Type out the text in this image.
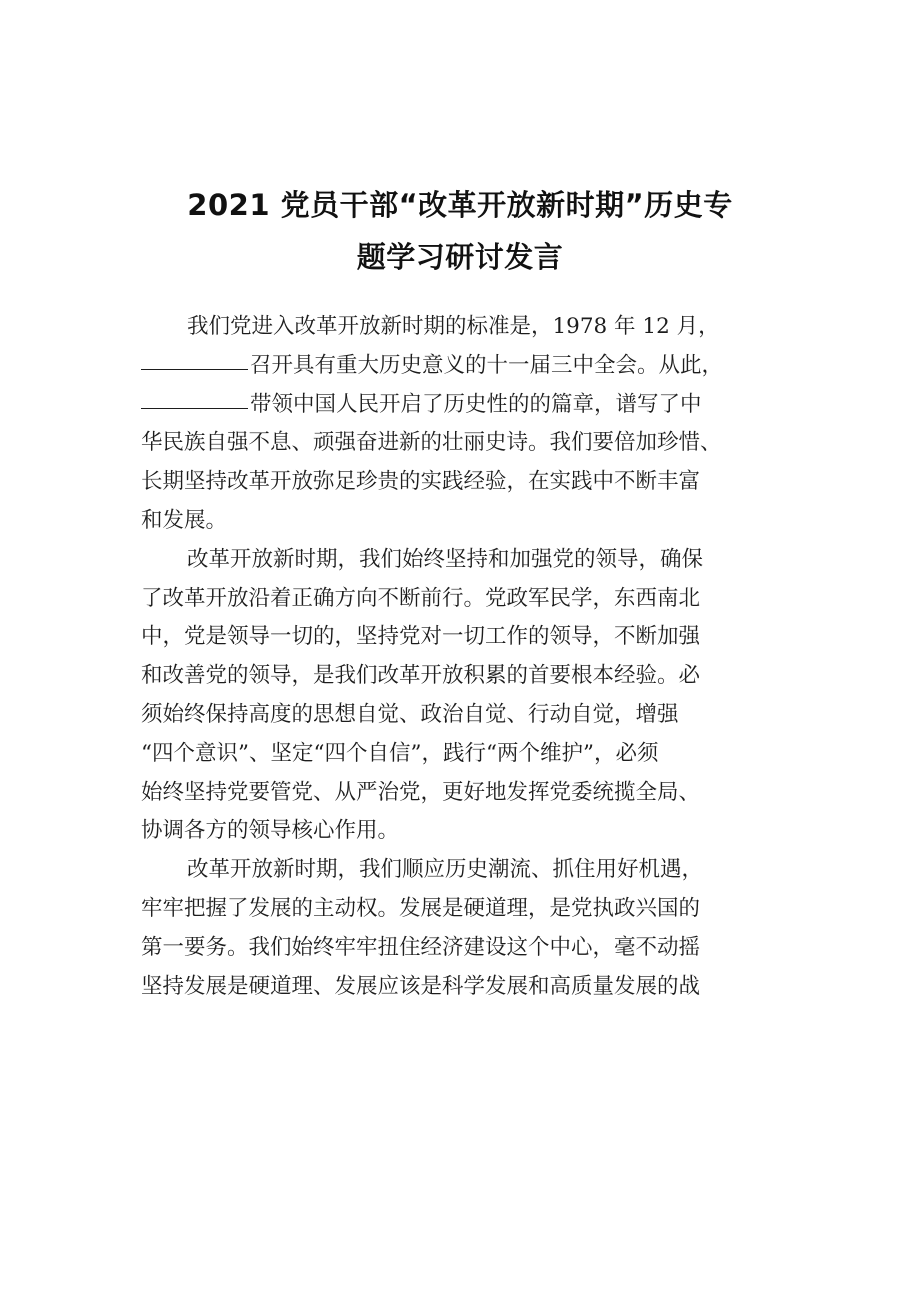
2021 党员干部“改革开放新时期”历史专
题学习研讨发言

我们党进入改革开放新时期的标准是，1978 年 12 月，
召开具有重大历史意义的十一届三中全会。从此，
带领中国人民开启了历史性的的篇章，谱写了中
华民族自强不息、顽强奋进新的壮丽史诗。我们要倍加珍惜、
长期坚持改革开放弥足珍贵的实践经验，在实践中不断丰富
和发展。

改革开放新时期，我们始终坚持和加强党的领导，确保
了改革开放沿着正确方向不断前行。党政军民学，东西南北
中，党是领导一切的，坚持党对一切工作的领导，不断加强
和改善党的领导，是我们改革开放积累的首要根本经验。必
须始终保持高度的思想自觉、政治自觉、行动自觉，增强
“四个意识”、坚定“四个自信”，践行“两个维护”，必须
始终坚持党要管党、从严治党，更好地发挥党委统揽全局、
协调各方的领导核心作用。

改革开放新时期，我们顺应历史潮流、抓住用好机遇，
牢牢把握了发展的主动权。发展是硬道理，是党执政兴国的
第一要务。我们始终牢牢扭住经济建设这个中心，毫不动摇
坚持发展是硬道理、发展应该是科学发展和高质量发展的战
